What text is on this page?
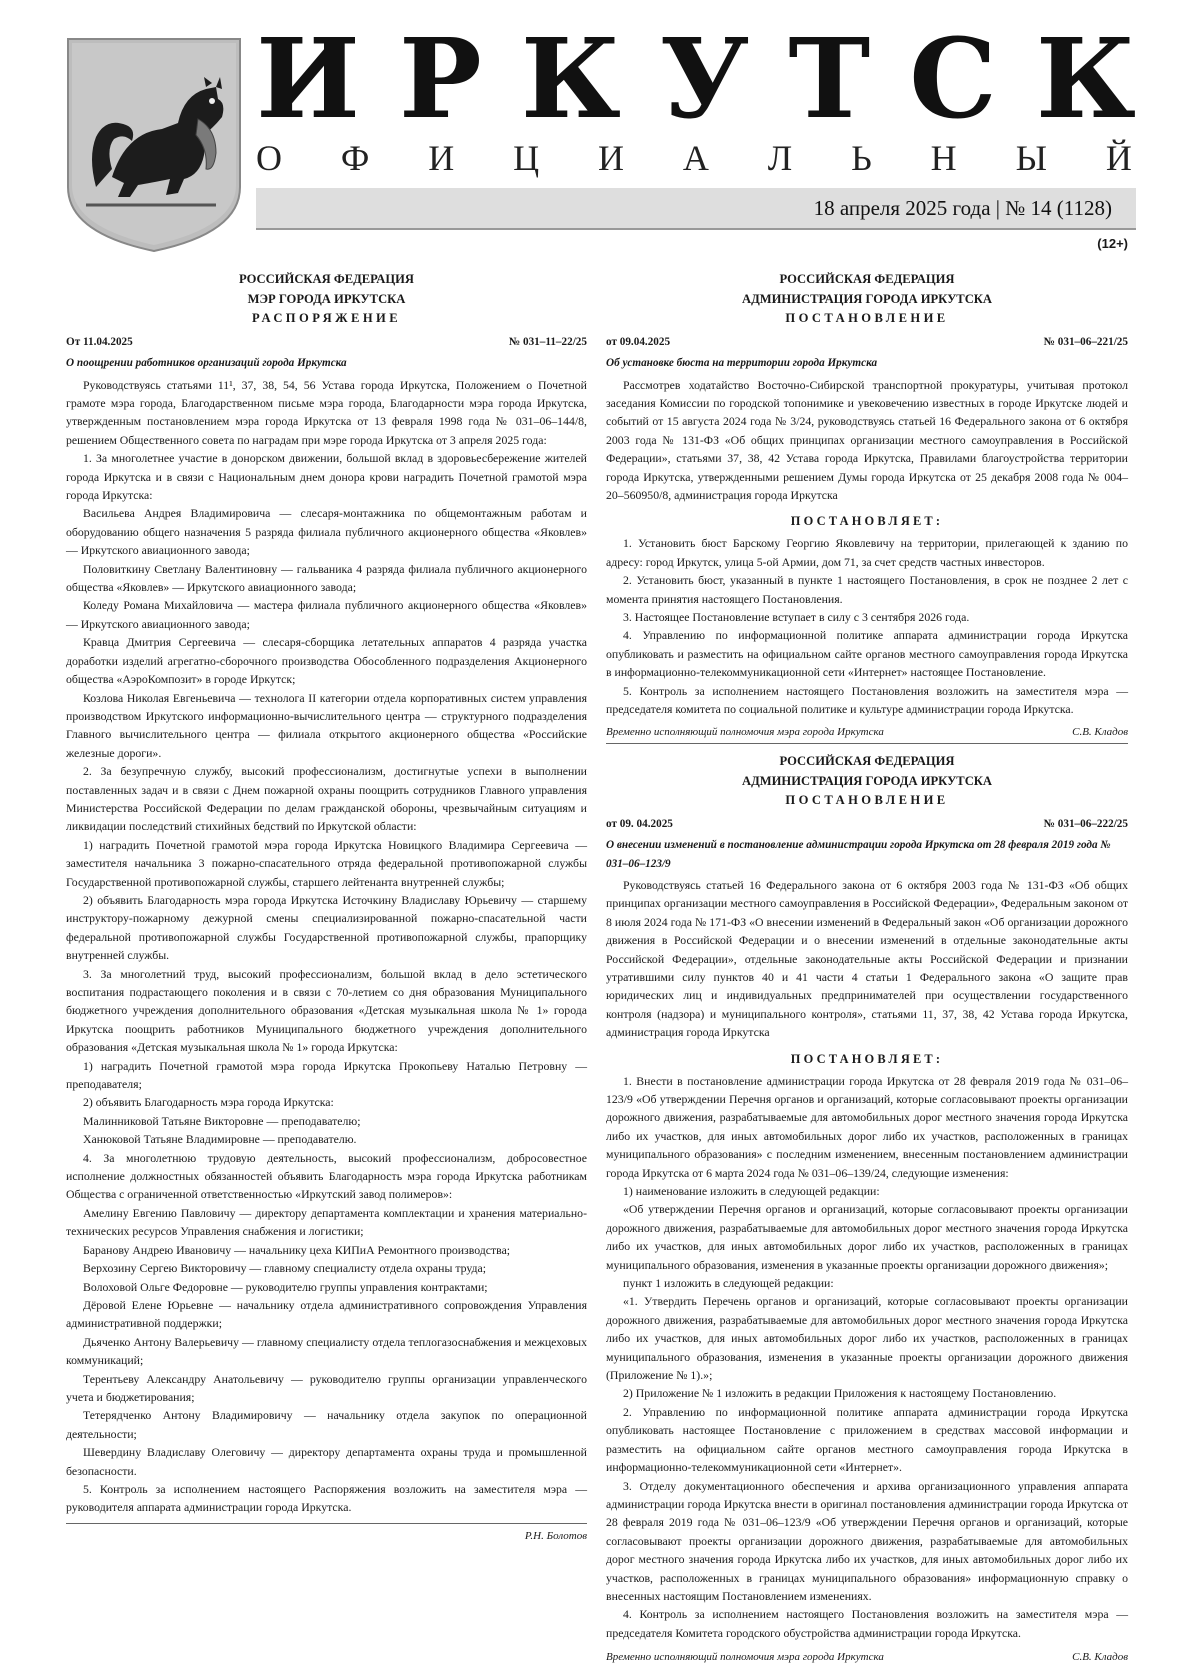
И Р К У Т С К
О Ф И Ц И А Л Ь Н Ы Й
18 апреля 2025 года | № 14 (1128)
(12+)
РОССИЙСКАЯ ФЕДЕРАЦИЯ
МЭР ГОРОДА ИРКУТСКА
РАСПОРЯЖЕНИЕ
От 11.04.2025	№ 031–11–22/25
О поощрении работников организаций города Иркутска

Руководствуясь статьями 11¹, 37, 38, 54, 56 Устава города Иркутска, Положением о Почетной грамоте мэра города, Благодарственном письме мэра города, Благодарности мэра города Иркутска, утвержденным постановлением мэра города Иркутска от 13 февраля 1998 года № 031–06–144/8, решением Общественного совета по наградам при мэре города Иркутска от 3 апреля 2025 года:

1. За многолетнее участие в донорском движении, большой вклад в здоровьесбережение жителей города Иркутска и в связи с Национальным днем донора крови наградить Почетной грамотой мэра города Иркутска:

Васильева Андрея Владимировича — слесаря-монтажника по общемонтажным работам и оборудованию общего назначения 5 разряда филиала публичного акционерного общества «Яковлев» — Иркутского авиационного завода;

Половиткину Светлану Валентиновну — гальваника 4 разряда филиала публичного акционерного общества «Яковлев» — Иркутского авиационного завода;

Коледу Романа Михайловича — мастера филиала публичного акционерного общества «Яковлев» — Иркутского авиационного завода;

Кравца Дмитрия Сергеевича — слесаря-сборщика летательных аппаратов 4 разряда участка доработки изделий агрегатно-сборочного производства Обособленного подразделения Акционерного общества «АэроКомпозит» в городе Иркутск;

Козлова Николая Евгеньевича — технолога II категории отдела корпоративных систем управления производством Иркутского информационно-вычислительного центра — структурного подразделения Главного вычислительного центра — филиала открытого акционерного общества «Российские железные дороги».

2. За безупречную службу, высокий профессионализм, достигнутые успехи в выполнении поставленных задач и в связи с Днем пожарной охраны поощрить сотрудников Главного управления Министерства Российской Федерации по делам гражданской обороны, чрезвычайным ситуациям и ликвидации последствий стихийных бедствий по Иркутской области:

1) наградить Почетной грамотой мэра города Иркутска Новицкого Владимира Сергеевича — заместителя начальника 3 пожарно-спасательного отряда федеральной противопожарной службы Государственной противопожарной службы, старшего лейтенанта внутренней службы;

2) объявить Благодарность мэра города Иркутска Источкину Владиславу Юрьевичу — старшему инструктору-пожарному дежурной смены специализированной пожарно-спасательной части федеральной противопожарной службы Государственной противопожарной службы, прапорщику внутренней службы.

3. За многолетний труд, высокий профессионализм, большой вклад в дело эстетического воспитания подрастающего поколения и в связи с 70-летием со дня образования Муниципального бюджетного учреждения дополнительного образования «Детская музыкальная школа № 1» города Иркутска поощрить работников Муниципального бюджетного учреждения дополнительного образования «Детская музыкальная школа № 1» города Иркутска:

1) наградить Почетной грамотой мэра города Иркутска Прокопьеву Наталью Петровну — преподавателя;

2) объявить Благодарность мэра города Иркутска:

Малинниковой Татьяне Викторовне — преподавателю;

Ханюковой Татьяне Владимировне — преподавателю.

4. За многолетнюю трудовую деятельность, высокий профессионализм, добросовестное исполнение должностных обязанностей объявить Благодарность мэра города Иркутска работникам Общества с ограниченной ответственностью «Иркутский завод полимеров»:

Амелину Евгению Павловичу — директору департамента комплектации и хранения материально-технических ресурсов Управления снабжения и логистики;

Баранову Андрею Ивановичу — начальнику цеха КИПиА Ремонтного производства;

Верхозину Сергею Викторовичу — главному специалисту отдела охраны труда;

Волоховой Ольге Федоровне — руководителю группы управления контрактами;

Дёровой Елене Юрьевне — начальнику отдела административного сопровождения Управления административной поддержки;

Дьяченко Антону Валерьевичу — главному специалисту отдела теплогазоснабжения и межцеховых коммуникаций;

Терентьеву Александру Анатольевичу — руководителю группы организации управленческого учета и бюджетирования;

Тетерядченко Антону Владимировичу — начальнику отдела закупок по операционной деятельности;

Шевердину Владиславу Олеговичу — директору департамента охраны труда и промышленной безопасности.

5. Контроль за исполнением настоящего Распоряжения возложить на заместителя мэра — руководителя аппарата администрации города Иркутска.

Р.Н. Болотов
РОССИЙСКАЯ ФЕДЕРАЦИЯ
АДМИНИСТРАЦИЯ ГОРОДА ИРКУТСКА
ПОСТАНОВЛЕНИЕ
от 09.04.2025	№ 031–06–221/25
Об установке бюста на территории города Иркутска

Рассмотрев ходатайство Восточно-Сибирской транспортной прокуратуры, учитывая протокол заседания Комиссии по городской топонимике и увековечению известных в городе Иркутске людей и событий от 15 августа 2024 года № 3/24, руководствуясь статьей 16 Федерального закона от 6 октября 2003 года № 131-ФЗ «Об общих принципах организации местного самоуправления в Российской Федерации», статьями 37, 38, 42 Устава города Иркутска, Правилами благоустройства территории города Иркутска, утвержденными решением Думы города Иркутска от 25 декабря 2008 года № 004–20–560950/8, администрация города Иркутска

ПОСТАНОВЛЯЕТ:

1. Установить бюст Барскому Георгию Яковлевичу на территории, прилегающей к зданию по адресу: город Иркутск, улица 5-ой Армии, дом 71, за счет средств частных инвесторов.

2. Установить бюст, указанный в пункте 1 настоящего Постановления, в срок не позднее 2 лет с момента принятия настоящего Постановления.

3. Настоящее Постановление вступает в силу с 3 сентября 2026 года.

4. Управлению по информационной политике аппарата администрации города Иркутска опубликовать и разместить на официальном сайте органов местного самоуправления города Иркутска в информационно-телекоммуникационной сети «Интернет» настоящее Постановление.

5. Контроль за исполнением настоящего Постановления возложить на заместителя мэра — председателя комитета по социальной политике и культуре администрации города Иркутска.

Временно исполняющий полномочия мэра города Иркутска	С.В. Кладов
РОССИЙСКАЯ ФЕДЕРАЦИЯ
АДМИНИСТРАЦИЯ ГОРОДА ИРКУТСКА
ПОСТАНОВЛЕНИЕ
от 09. 04.2025	№ 031–06–222/25
О внесении изменений в постановление администрации города Иркутска от 28 февраля 2019 года № 031–06–123/9

Руководствуясь статьей 16 Федерального закона от 6 октября 2003 года № 131-ФЗ «Об общих принципах организации местного самоуправления в Российской Федерации», Федеральным законом от 8 июля 2024 года № 171-ФЗ «О внесении изменений в Федеральный закон «Об организации дорожного движения в Российской Федерации и о внесении изменений в отдельные законодательные акты Российской Федерации», отдельные законодательные акты Российской Федерации и признании утратившими силу пунктов 40 и 41 части 4 статьи 1 Федерального закона «О защите прав юридических лиц и индивидуальных предпринимателей при осуществлении государственного контроля (надзора) и муниципального контроля», статьями 11, 37, 38, 42 Устава города Иркутска, администрация города Иркутска

ПОСТАНОВЛЯЕТ:

1. Внести в постановление администрации города Иркутска от 28 февраля 2019 года № 031–06–123/9 «Об утверждении Перечня органов и организаций, которые согласовывают проекты организации дорожного движения, разрабатываемые для автомобильных дорог местного значения города Иркутска либо их участков, для иных автомобильных дорог либо их участков, расположенных в границах муниципального образования» с последним изменением, внесенным постановлением администрации города Иркутска от 6 марта 2024 года № 031–06–139/24, следующие изменения:

1) наименование изложить в следующей редакции:

«Об утверждении Перечня органов и организаций, которые согласовывают проекты организации дорожного движения, разрабатываемые для автомобильных дорог местного значения города Иркутска либо их участков, для иных автомобильных дорог либо их участков, расположенных в границах муниципального образования, изменения в указанные проекты организации дорожного движения»;

пункт 1 изложить в следующей редакции:

«1. Утвердить Перечень органов и организаций, которые согласовывают проекты организации дорожного движения, разрабатываемые для автомобильных дорог местного значения города Иркутска либо их участков, для иных автомобильных дорог либо их участков, расположенных в границах муниципального образования, изменения в указанные проекты организации дорожного движения (Приложение № 1).»;

2) Приложение № 1 изложить в редакции Приложения к настоящему Постановлению.

2. Управлению по информационной политике аппарата администрации города Иркутска опубликовать настоящее Постановление с приложением в средствах массовой информации и разместить на официальном сайте органов местного самоуправления города Иркутска в информационно-телекоммуникационной сети «Интернет».

3. Отделу документационного обеспечения и архива организационного управления аппарата администрации города Иркутска внести в оригинал постановления администрации города Иркутска от 28 февраля 2019 года № 031–06–123/9 «Об утверждении Перечня органов и организаций, которые согласовывают проекты организации дорожного движения, разрабатываемые для автомобильных дорог местного значения города Иркутска либо их участков, для иных автомобильных дорог либо их участков, расположенных в границах муниципального образования» информационную справку о внесенных настоящим Постановлением изменениях.

4. Контроль за исполнением настоящего Постановления возложить на заместителя мэра — председателя Комитета городского обустройства администрации города Иркутска.

Временно исполняющий полномочия мэра города Иркутска	С.В. Кладов
